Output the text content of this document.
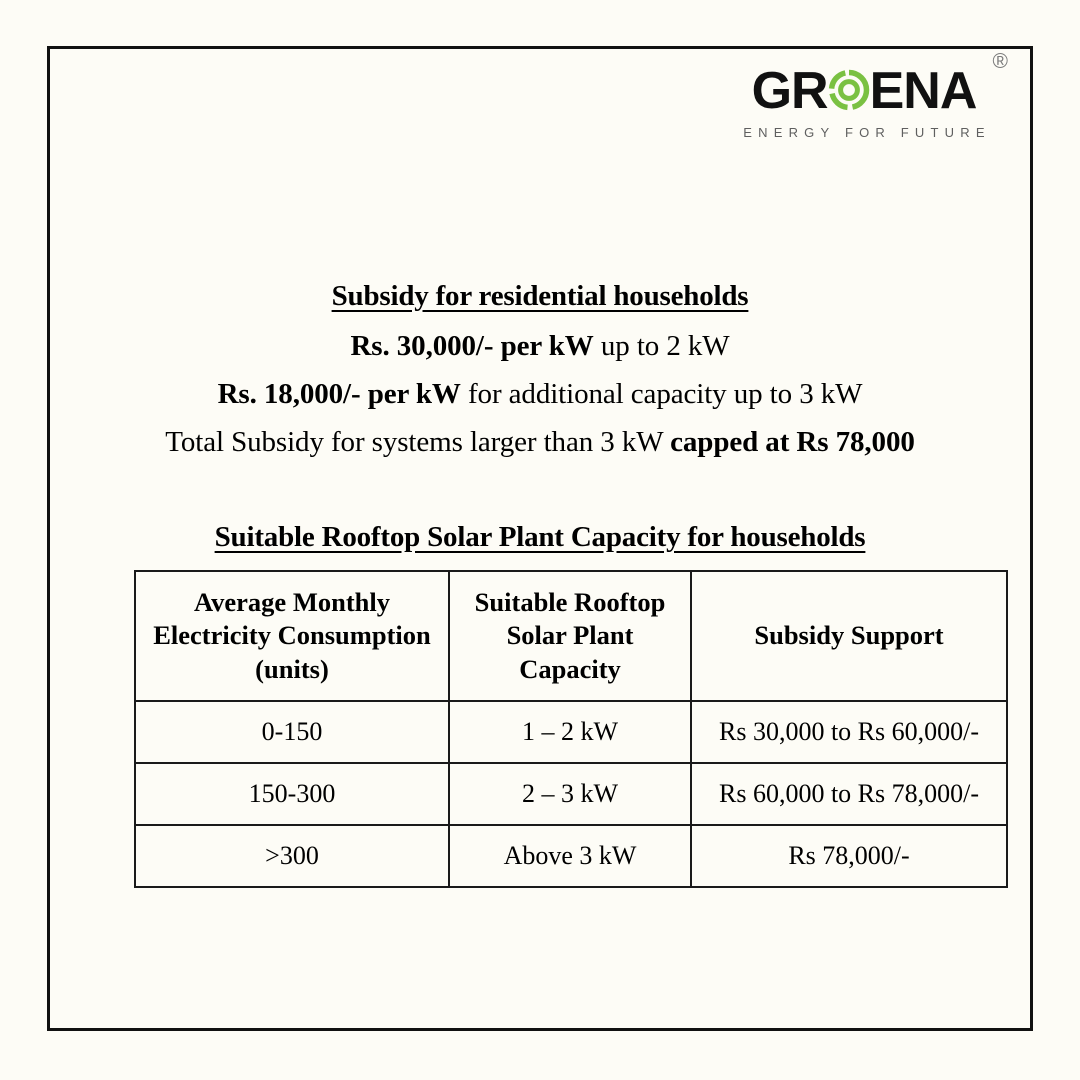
GR ENA
®
ENERGY FOR FUTURE
Subsidy for residential households
Rs. 30,000/- per kW up to 2 kW
Rs. 18,000/- per kW for additional capacity up to 3 kW
Total Subsidy for systems larger than 3 kW capped at Rs 78,000
Suitable Rooftop Solar Plant Capacity for households
Average Monthly Electricity Consumption (units)	Suitable Rooftop Solar Plant Capacity	Subsidy Support
0-150	1 – 2 kW	Rs 30,000 to Rs 60,000/-
150-300	2 – 3 kW	Rs 60,000 to Rs 78,000/-
>300	Above 3 kW	Rs 78,000/-
